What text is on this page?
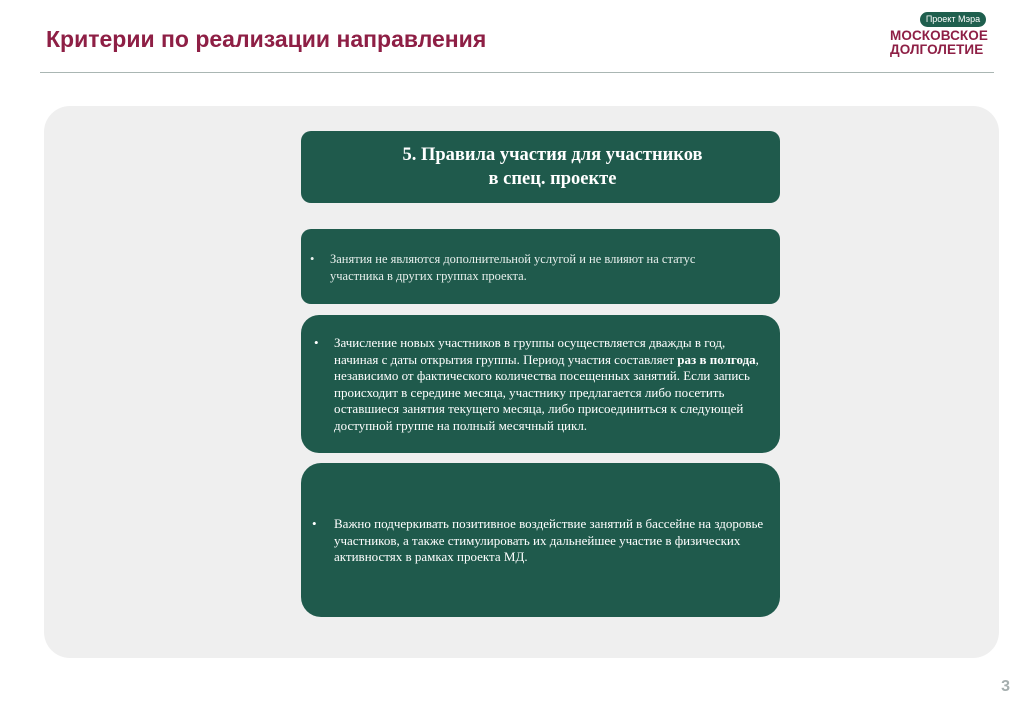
Критерии по реализации направления
Проект Мэра
МОСКОВСКОЕ
ДОЛГОЛЕТИЕ
5. Правила участия для участников
в спец. проекте
• Занятия не являются дополнительной услугой и не влияют на статус участника в других группах проекта.
• Зачисление новых участников в группы осуществляется дважды в год, начиная с даты открытия группы. Период участия составляет раз в полгода, независимо от фактического количества посещенных занятий. Если запись происходит в середине месяца, участнику предлагается либо посетить оставшиеся занятия текущего месяца, либо присоединиться к следующей доступной группе на полный месячный цикл.
• Важно подчеркивать позитивное воздействие занятий в бассейне на здоровье участников, а также стимулировать их дальнейшее участие в физических активностях в рамках проекта МД.
3
